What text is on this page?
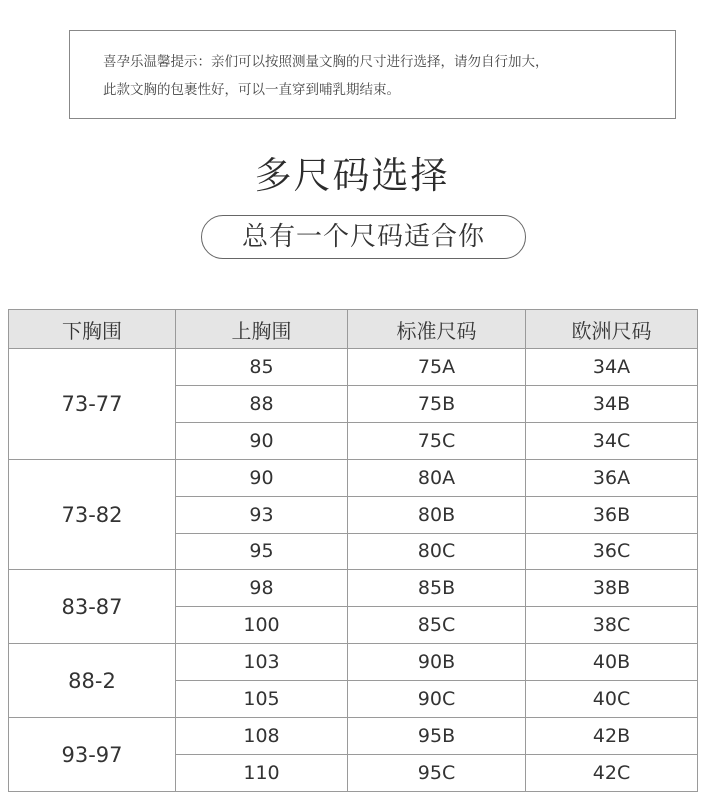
喜孕乐温馨提示：亲们可以按照测量文胸的尺寸进行选择，请勿自行加大，
此款文胸的包裹性好，可以一直穿到哺乳期结束。
多尺码选择
总有一个尺码适合你
下胸围	上胸围	标准尺码	欧洲尺码
73-77	85	75A	34A
	88	75B	34B
	90	75C	34C
73-82	90	80A	36A
	93	80B	36B
	95	80C	36C
83-87	98	85B	38B
	100	85C	38C
88-2	103	90B	40B
	105	90C	40C
93-97	108	95B	42B
	110	95C	42C
